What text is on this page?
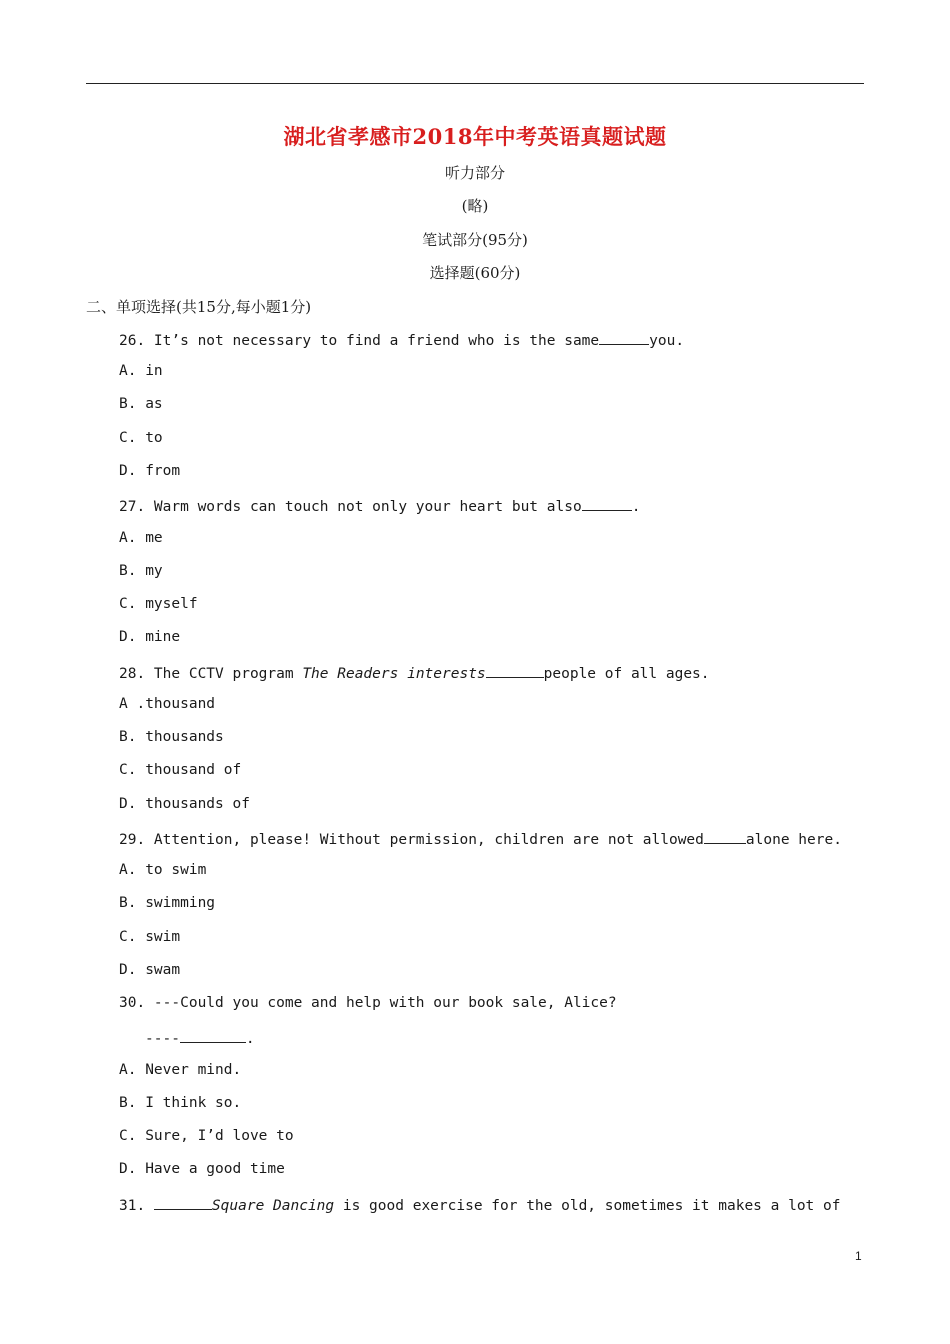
湖北省孝感市2018年中考英语真题试题
听力部分
(略)
笔试部分(95分)
选择题(60分)
二、单项选择(共15分,每小题1分)
26. It’s not necessary to find a friend who is the same	you.
A. in
B. as
C. to
D. from
27. Warm words can touch not only your heart but also	.
A. me
B. my
C. myself
D. mine
28. The CCTV program The Readers interests	people of all ages.
A .thousand
B. thousands
C. thousand of
D. thousands of
29. Attention, please! Without permission, children are not allowed	alone here.
A. to swim
B. swimming
C. swim
D. swam
30. ---Could you come and help with our book sale, Alice?
----	.
A. Never mind.
B. I think so.
C. Sure, I’d love to
D. Have a good time
31.	Square Dancing is good exercise for the old, sometimes it makes a lot of
1
